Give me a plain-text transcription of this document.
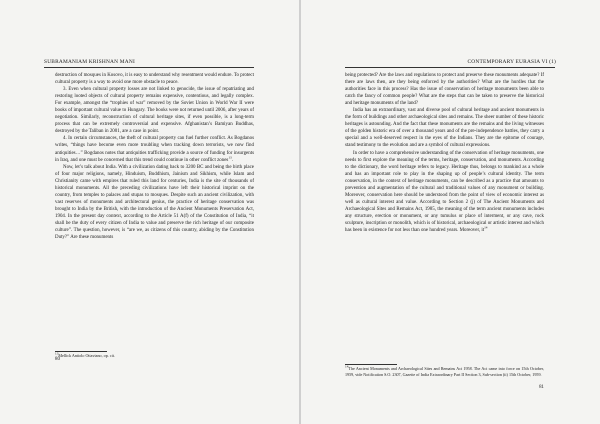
SUBRAMANIAM KRISHNAN MANI

destruction of mosques in Kosovo, it is easy to understand why resentment would endure. To protect cultural property is a way to avoid one more obstacle to peace.

3. Even when cultural property losses are not linked to genocide, the issue of repatriating and restoring looted objects of cultural property remains expensive, contentious, and legally complex. For example, amongst the “trophies of war” removed by the Soviet Union in World War II were books of important cultural value to Hungary. The books were not returned until 2006, after years of negotiation. Similarly, reconstruction of cultural heritage sites, if even possible, is a long-term process that can be extremely controversial and expensive. Afghanistan’s Bamiyan Buddhas, destroyed by the Taliban in 2001, are a case in point.

4. In certain circumstances, the theft of cultural property can fuel further conflict. As Bogdanos writes, “things have become even more troubling when tracking down terrorists, we now find antiquities…” Bogdanos notes that antiquities trafficking provide a source of funding for insurgents in Iraq, and one must be concerned that this trend could continue in other conflict zones$^{13}$.

Now, let’s talk about India. With a civilization dating back to 3200 BC and being the birth place of four major religions, namely, Hinduism, Buddhism, Jainism and Sikhism, while Islam and Christianity came with empires that ruled this land for centuries, India is the site of thousands of historical monuments. All the preceding civilizations have left their historical imprint on the country, from temples to palaces and stupas to mosques. Despite such an ancient civilization, with vast reserves of monuments and architectural genius, the practice of heritage conservation was brought to India by the British, with the introduction of the Ancient Monuments Preservation Act, 1904. In the present day context, according to the Article 51 A(f) of the Constitution of India, “it shall be the duty of every citizen of India to value and preserve the rich heritage of our composite culture”. The question, however, is “are we, as citizens of this country, abiding by the Constitution Duty?” Are these monuments

$^{13}$Mellick Antiolo Ottaviano, op. cit.
80
CONTEMPORARY EURASIA VI (1)

being protected? Are the laws and regulations to protect and preserve these monuments adequate? If there are laws then, are they being enforced by the authorities? What are the hurdles that the authorities face in this process? Has the issue of conservation of heritage monuments been able to catch the fancy of common people? What are the steps that can be taken to preserve the historical and heritage monuments of the land?

India has an extraordinary, vast and diverse pool of cultural heritage and ancient monuments in the form of buildings and other archaeological sites and remains. The sheer number of these historic heritages is astounding. And the fact that these monuments are the remains and the living witnesses of the golden historic era of over a thousand years and of the pre-independence battles, they carry a special and a well-deserved respect in the eyes of the Indians. They are the epitome of courage, stand testimony to the evolution and are a symbol of cultural expressions.

In order to have a comprehensive understanding of the conservation of heritage monuments, one needs to first explore the meaning of the terms, heritage, conservation, and monuments. According to the dictionary, the word heritage refers to legacy. Heritage thus, belongs to mankind as a whole and has an important role to play in the shaping up of people’s cultural identity. The term conservation, in the context of heritage monuments, can be described as a practice that amounts to prevention and augmentation of the cultural and traditional values of any monument or building. Moreover, conservation here should be understood from the point of view of economic interest as well as cultural interest and value. According to Section 2 (j) of The Ancient Monuments and Archaeological Sites and Remains Act, 1985, the meaning of the term ancient monuments includes any structure, erection or monument, or any tumulus or place of interment, or any cave, rock sculpture, inscription or monolith, which is of historical, archaeological or artistic interest and which has been in existence for not less than one hundred years. Moreover, $it^{14}$

$^{14}$The Ancient Monuments and Archaeological Sites and Remains Act 1958. The Act came into force on 15th October, 1959, vide Notification S.O. 2307, Gazette of India Extraordinary Part II Section 3, Sub-section (ii) 15th October, 1959.
81
